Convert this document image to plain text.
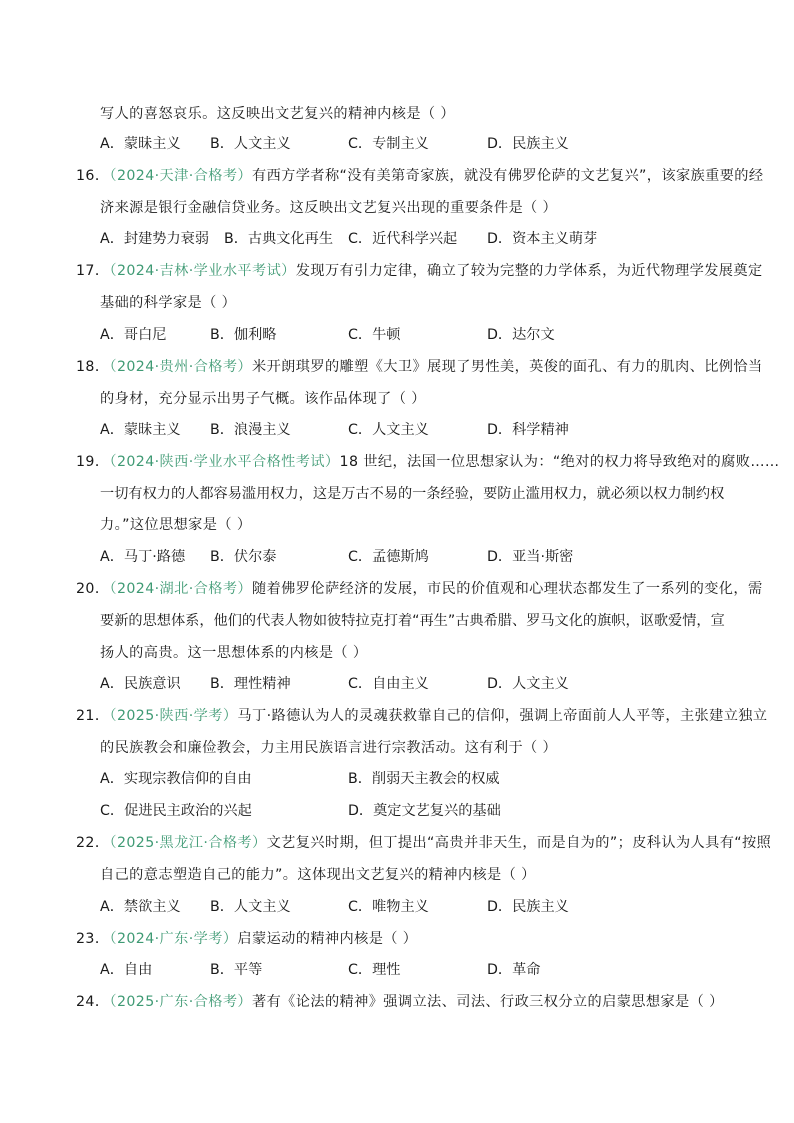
写人的喜怒哀乐。这反映出文艺复兴的精神内核是（ ）
A．蒙昧主义 B．人文主义	C．专制主义	D．民族主义
16．（2024·天津·合格考）有西方学者称“没有美第奇家族，就没有佛罗伦萨的文艺复兴”，该家族重要的经
济来源是银行金融信贷业务。这反映出文艺复兴出现的重要条件是（ ）
A．封建势力衰弱 B．古典文化再生 C．近代科学兴起 D．资本主义萌芽
17．（2024·吉林·学业水平考试）发现万有引力定律，确立了较为完整的力学体系，为近代物理学发展奠定
基础的科学家是（ ）
A．哥白尼	B．伽利略	C．牛顿	D．达尔文
18．（2024·贵州·合格考）米开朗琪罗的雕塑《大卫》展现了男性美，英俊的面孔、有力的肌肉、比例恰当
的身材，充分显示出男子气概。该作品体现了（ ）
A．蒙昧主义 B．浪漫主义	C．人文主义	D．科学精神
19．（2024·陕西·学业水平合格性考试）18 世纪，法国一位思想家认为：“绝对的权力将导致绝对的腐败……
一切有权力的人都容易滥用权力，这是万古不易的一条经验，要防止滥用权力，就必须以权力制约权
力。”这位思想家是（ ）
A．马丁·路德 B．伏尔泰	C．孟德斯鸠	D．亚当·斯密
20．（2024·湖北·合格考）随着佛罗伦萨经济的发展，市民的价值观和心理状态都发生了一系列的变化，需
要新的思想体系，他们的代表人物如彼特拉克打着“再生”古典希腊、罗马文化的旗帜，讴歌爱情，宣
扬人的高贵。这一思想体系的内核是（ ）
A．民族意识 B．理性精神	C．自由主义	D．人文主义
21．（2025·陕西·学考）马丁·路德认为人的灵魂获救靠自己的信仰，强调上帝面前人人平等，主张建立独立
的民族教会和廉俭教会，力主用民族语言进行宗教活动。这有利于（ ）
A．实现宗教信仰的自由	B．削弱天主教会的权威
C．促进民主政治的兴起	D．奠定文艺复兴的基础
22．（2025·黑龙江·合格考）文艺复兴时期，但丁提出“高贵并非天生，而是自为的”；皮科认为人具有“按照
自己的意志塑造自己的能力”。这体现出文艺复兴的精神内核是（ ）
A．禁欲主义 B．人文主义	C．唯物主义	D．民族主义
23．（2024·广东·学考）启蒙运动的精神内核是（ ）
A．自由	B．平等	C．理性	D．革命
24．（2025·广东·合格考）著有《论法的精神》强调立法、司法、行政三权分立的启蒙思想家是（ ）
